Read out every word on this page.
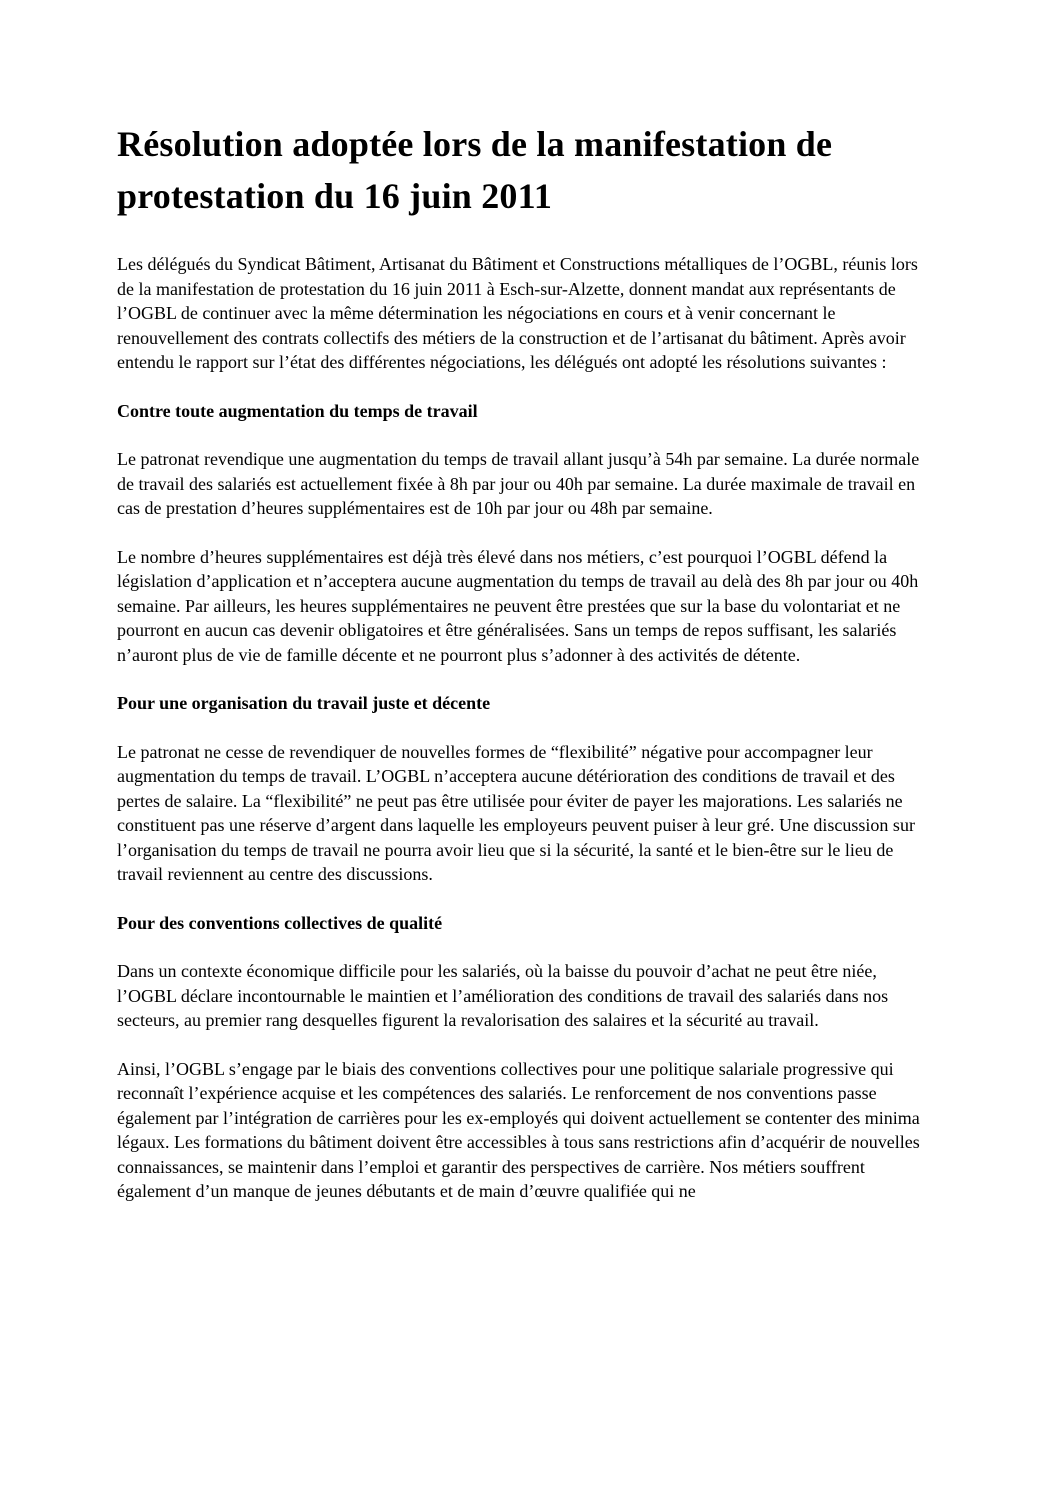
Résolution adoptée lors de la manifestation de protestation du 16 juin 2011

Les délégués du Syndicat Bâtiment, Artisanat du Bâtiment et Constructions métalliques de l’OGBL, réunis lors de la manifestation de protestation du 16 juin 2011 à Esch-sur-Alzette, donnent mandat aux représentants de l’OGBL de continuer avec la même détermination les négociations en cours et à venir concernant le renouvellement des contrats collectifs des métiers de la construction et de l’artisanat du bâtiment. Après avoir entendu le rapport sur l’état des différentes négociations, les délégués ont adopté les résolutions suivantes :

Contre toute augmentation du temps de travail

Le patronat revendique une augmentation du temps de travail allant jusqu’à 54h par semaine. La durée normale de travail des salariés est actuellement fixée à 8h par jour ou 40h par semaine. La durée maximale de travail en cas de prestation d’heures supplémentaires est de 10h par jour ou 48h par semaine.

Le nombre d’heures supplémentaires est déjà très élevé dans nos métiers, c’est pourquoi l’OGBL défend la législation d’application et n’acceptera aucune augmentation du temps de travail au delà des 8h par jour ou 40h semaine. Par ailleurs, les heures supplémentaires ne peuvent être prestées que sur la base du volontariat et ne pourront en aucun cas devenir obligatoires et être généralisées. Sans un temps de repos suffisant, les salariés n’auront plus de vie de famille décente et ne pourront plus s’adonner à des activités de détente.

Pour une organisation du travail juste et décente

Le patronat ne cesse de revendiquer de nouvelles formes de “flexibilité” négative pour accompagner leur augmentation du temps de travail. L’OGBL n’acceptera aucune détérioration des conditions de travail et des pertes de salaire. La “flexibilité” ne peut pas être utilisée pour éviter de payer les majorations. Les salariés ne constituent pas une réserve d’argent dans laquelle les employeurs peuvent puiser à leur gré. Une discussion sur l’organisation du temps de travail ne pourra avoir lieu que si la sécurité, la santé et le bien-être sur le lieu de travail reviennent au centre des discussions.

Pour des conventions collectives de qualité

Dans un contexte économique difficile pour les salariés, où la baisse du pouvoir d’achat ne peut être niée, l’OGBL déclare incontournable le maintien et l’amélioration des conditions de travail des salariés dans nos secteurs, au premier rang desquelles figurent la revalorisation des salaires et la sécurité au travail.

Ainsi, l’OGBL s’engage par le biais des conventions collectives pour une politique salariale progressive qui reconnaît l’expérience acquise et les compétences des salariés. Le renforcement de nos conventions passe également par l’intégration de carrières pour les ex-employés qui doivent actuellement se contenter des minima légaux. Les formations du bâtiment doivent être accessibles à tous sans restrictions afin d’acquérir de nouvelles connaissances, se maintenir dans l’emploi et garantir des perspectives de carrière. Nos métiers souffrent également d’un manque de jeunes débutants et de main d’œuvre qualifiée qui ne
